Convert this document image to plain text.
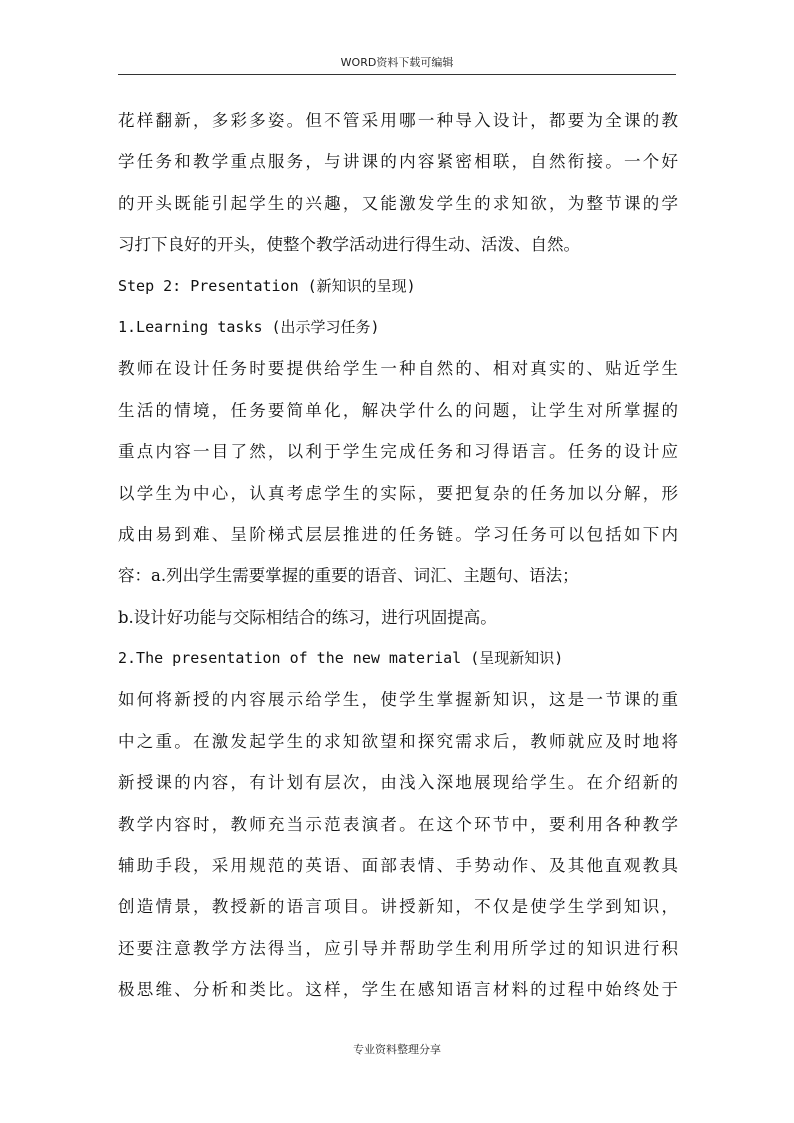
WORD资料下载可编辑
花样翻新，多彩多姿。但不管采用哪一种导入设计，都要为全课的教
学任务和教学重点服务，与讲课的内容紧密相联，自然衔接。一个好
的开头既能引起学生的兴趣，又能激发学生的求知欲，为整节课的学
习打下良好的开头，使整个教学活动进行得生动、活泼、自然。
Step 2: Presentation (新知识的呈现)
1.Learning tasks (出示学习任务)
教师在设计任务时要提供给学生一种自然的、相对真实的、贴近学生
生活的情境，任务要简单化，解决学什么的问题，让学生对所掌握的
重点内容一目了然，以利于学生完成任务和习得语言。任务的设计应
以学生为中心，认真考虑学生的实际，要把复杂的任务加以分解，形
成由易到难、呈阶梯式层层推进的任务链。学习任务可以包括如下内
容：a.列出学生需要掌握的重要的语音、词汇、主题句、语法；
b.设计好功能与交际相结合的练习，进行巩固提高。
2.The presentation of the new material (呈现新知识)
如何将新授的内容展示给学生，使学生掌握新知识，这是一节课的重
中之重。在激发起学生的求知欲望和探究需求后，教师就应及时地将
新授课的内容，有计划有层次，由浅入深地展现给学生。在介绍新的
教学内容时，教师充当示范表演者。在这个环节中，要利用各种教学
辅助手段，采用规范的英语、面部表情、手势动作、及其他直观教具
创造情景，教授新的语言项目。讲授新知，不仅是使学生学到知识，
还要注意教学方法得当，应引导并帮助学生利用所学过的知识进行积
极思维、分析和类比。这样，学生在感知语言材料的过程中始终处于
专业资料整理分享
